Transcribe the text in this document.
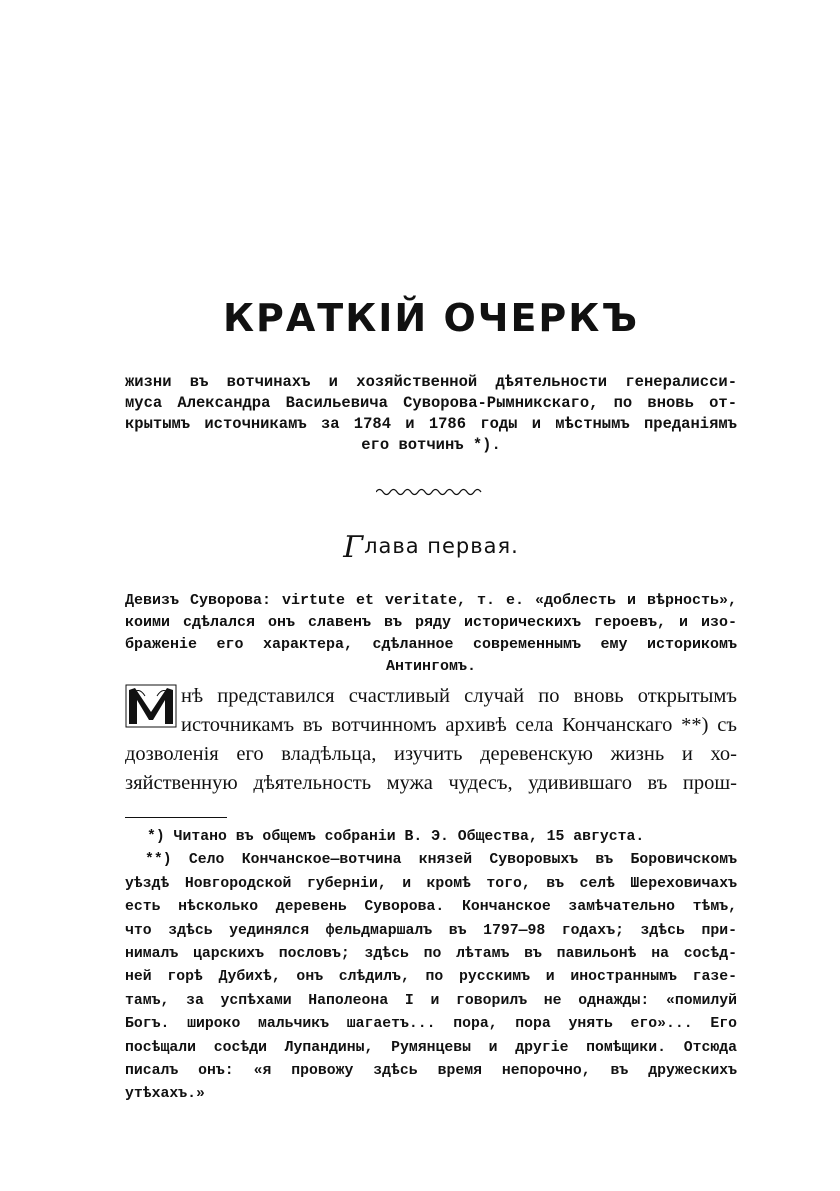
КРАТКІЙ ОЧЕРКЪ
жизни въ вотчинахъ и хозяйственной дѣятельности генералисси-
муса Александра Васильевича Суворова-Рымникскаго, по вновь от-
крытымъ источникамъ за 1784 и 1786 годы и мѣстнымъ преданіямъ
его вотчинъ *).
Глава первая.
Девизъ Суворова: virtute et veritate, т. е. «доблесть и вѣрность»,
коими сдѣлался онъ славенъ въ ряду историческихъ героевъ, и изо-
браженіе его характера, сдѣланное современнымъ ему историкомъ
Антингомъ.
М
нѣ представился счастливый случай по вновь открытымъ
источникамъ въ вотчинномъ архивѣ села Кончанскаго **) съ
дозволенія его владѣльца, изучить деревенскую жизнь и хо-
зяйственную дѣятельность мужа чудесъ, удивившаго въ прош-
*) Читано въ общемъ собраніи В. Э. Общества, 15 августа.
**) Село Кончанское—вотчина князей Суворовыхъ въ Боровичскомъ
уѣздѣ Новгородской губерніи, и кромѣ того, въ селѣ Шереховичахъ
есть нѣсколько деревень Суворова. Кончанское замѣчательно тѣмъ,
что здѣсь уединялся фельдмаршалъ въ 1797—98 годахъ; здѣсь при-
нималъ царскихъ пословъ; здѣсь по лѣтамъ въ павильонѣ на сосѣд-
ней горѣ Дубихѣ, онъ слѣдилъ, по русскимъ и иностраннымъ газе-
тамъ, за успѣхами Наполеона I и говорилъ не однажды: «помилуй
Богъ. широко мальчикъ шагаетъ... пора, пора унять его»... Его
посѣщали сосѣди Лупандины, Румянцевы и другіе помѣщики. Отсюда
писалъ онъ: «я провожу здѣсь время непорочно, въ дружескихъ
утѣхахъ.»
